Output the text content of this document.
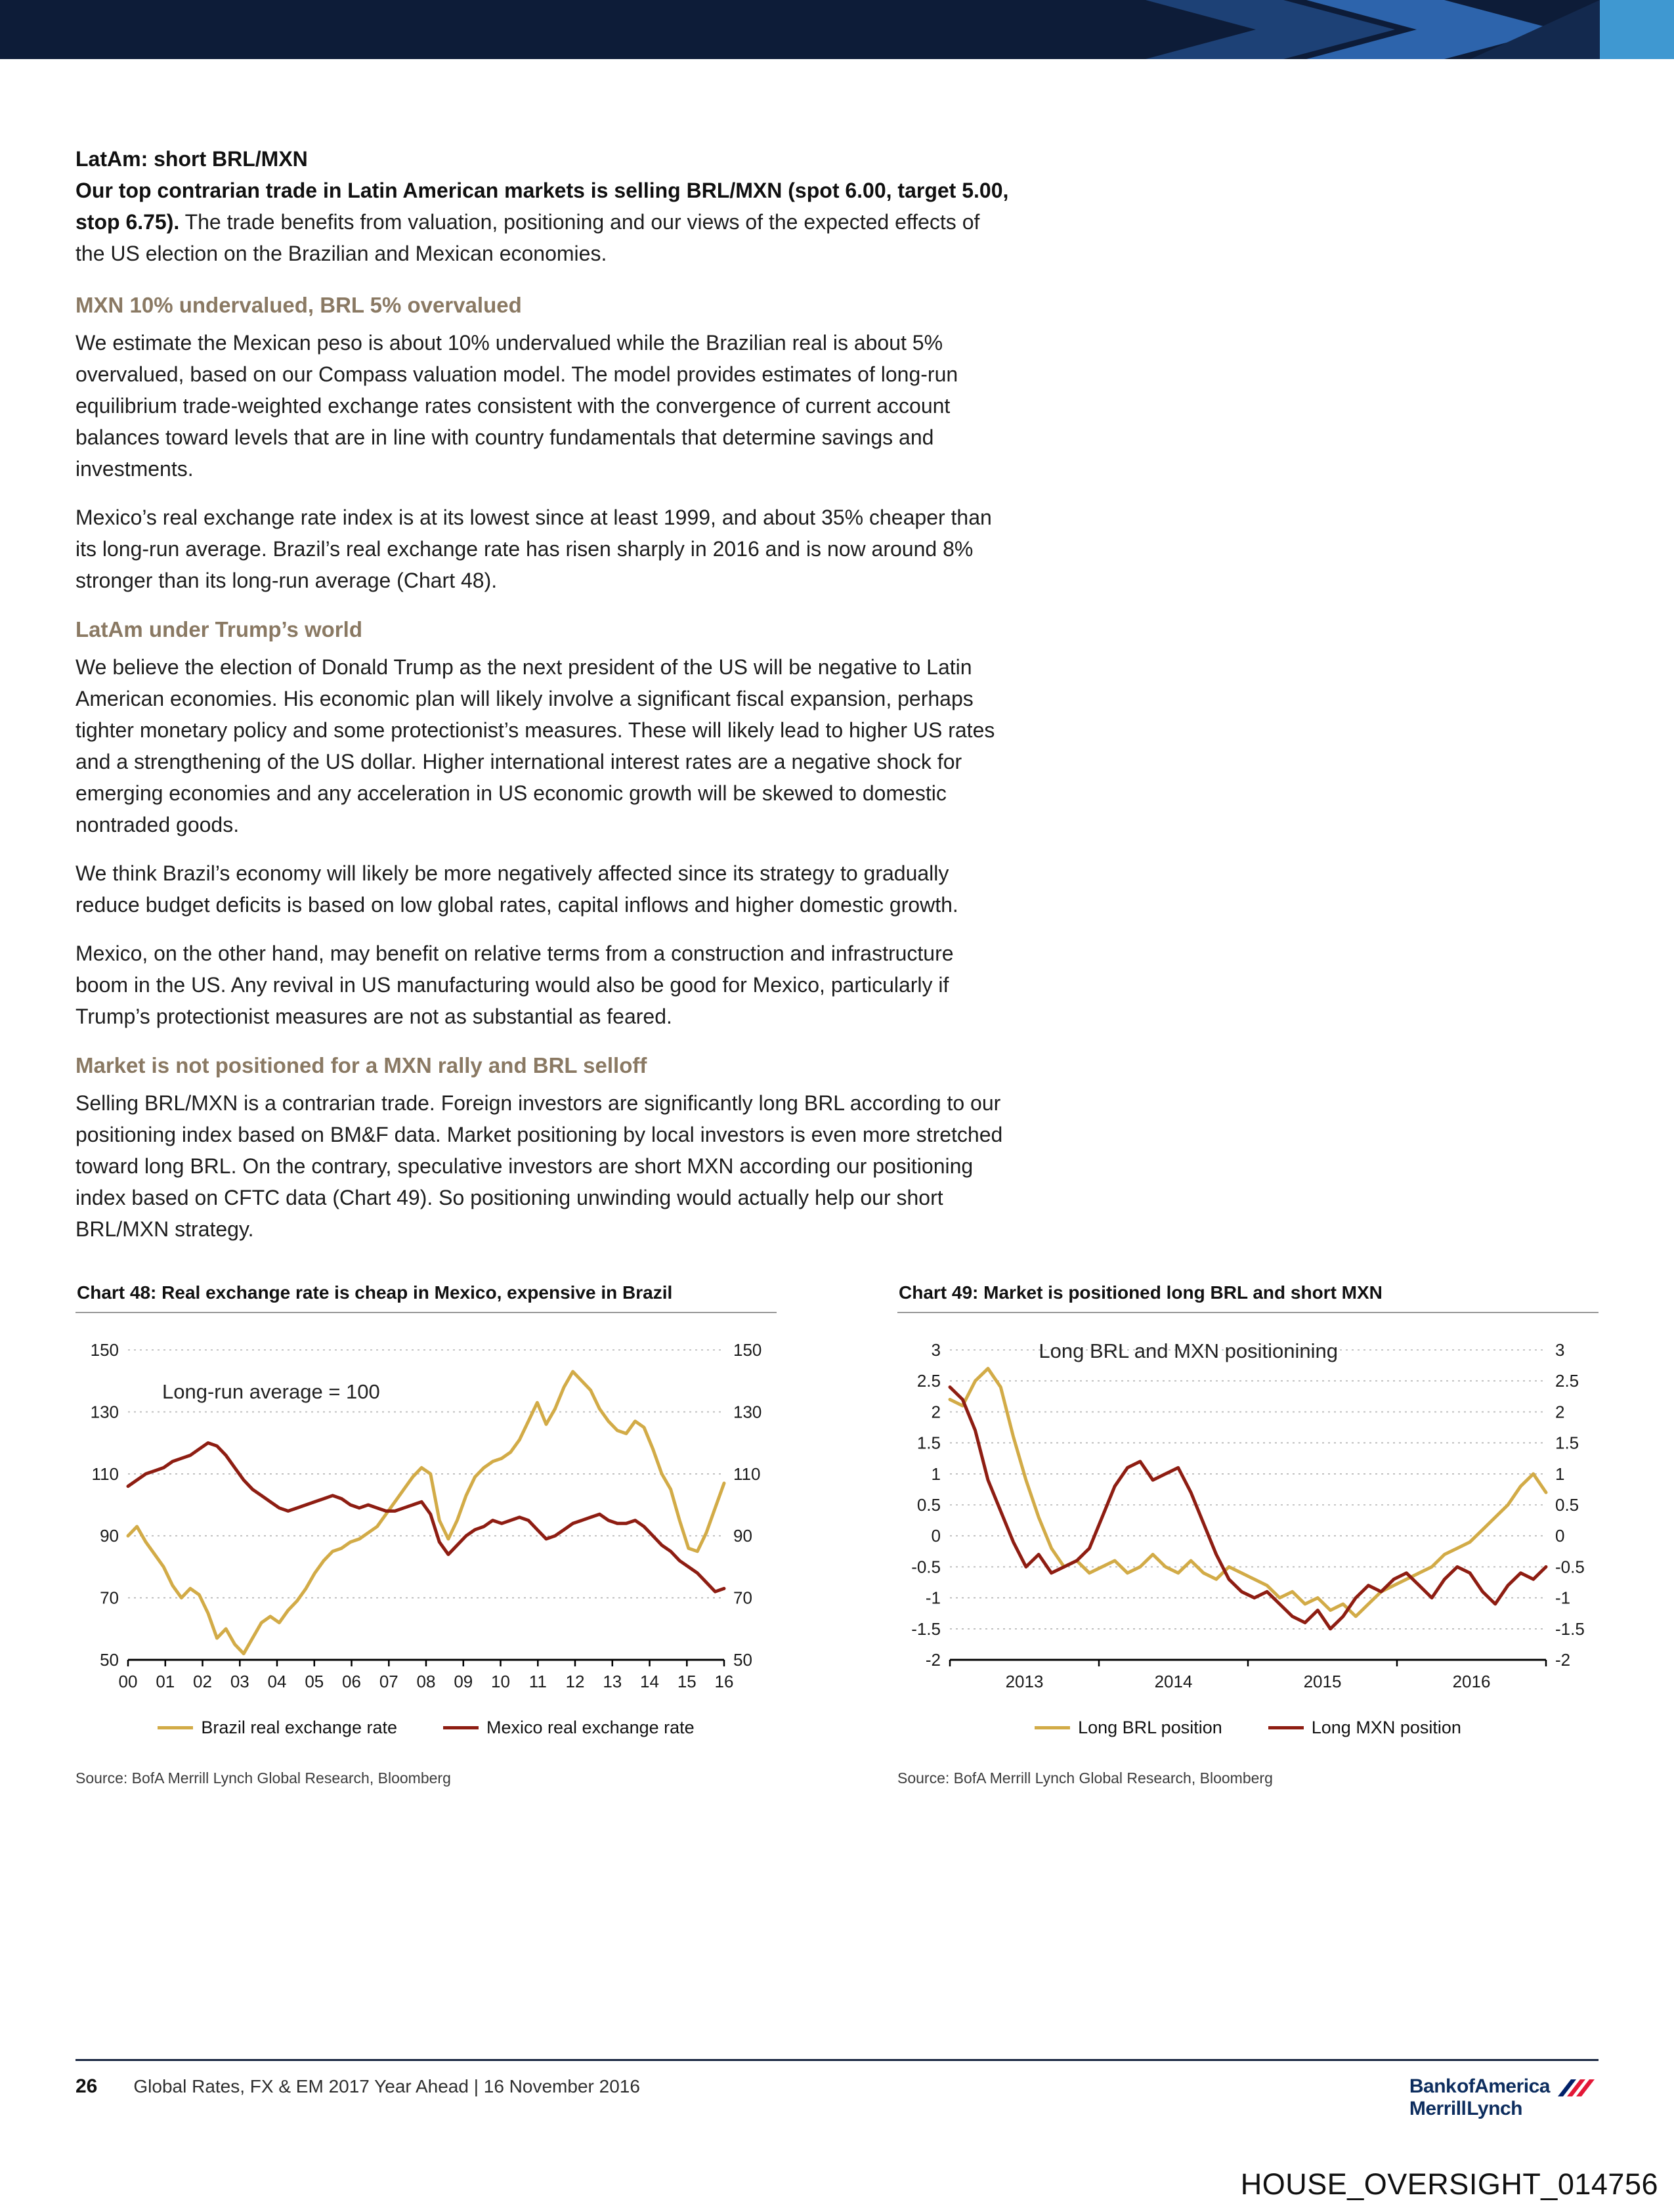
LatAm: short BRL/MXN

Our top contrarian trade in Latin American markets is selling BRL/MXN (spot 6.00, target 5.00, stop 6.75). The trade benefits from valuation, positioning and our views of the expected effects of the US election on the Brazilian and Mexican economies.

MXN 10% undervalued, BRL 5% overvalued

We estimate the Mexican peso is about 10% undervalued while the Brazilian real is about 5% overvalued, based on our Compass valuation model. The model provides estimates of long-run equilibrium trade-weighted exchange rates consistent with the convergence of current account balances toward levels that are in line with country fundamentals that determine savings and investments.

Mexico’s real exchange rate index is at its lowest since at least 1999, and about 35% cheaper than its long-run average. Brazil’s real exchange rate has risen sharply in 2016 and is now around 8% stronger than its long-run average (Chart 48).

LatAm under Trump’s world

We believe the election of Donald Trump as the next president of the US will be negative to Latin American economies. His economic plan will likely involve a significant fiscal expansion, perhaps tighter monetary policy and some protectionist’s measures. These will likely lead to higher US rates and a strengthening of the US dollar. Higher international interest rates are a negative shock for emerging economies and any acceleration in US economic growth will be skewed to domestic nontraded goods.

We think Brazil’s economy will likely be more negatively affected since its strategy to gradually reduce budget deficits is based on low global rates, capital inflows and higher domestic growth.

Mexico, on the other hand, may benefit on relative terms from a construction and infrastructure boom in the US. Any revival in US manufacturing would also be good for Mexico, particularly if Trump’s protectionist measures are not as substantial as feared.

Market is not positioned for a MXN rally and BRL selloff

Selling BRL/MXN is a contrarian trade. Foreign investors are significantly long BRL according to our positioning index based on BM&F data. Market positioning by local investors is even more stretched toward long BRL. On the contrary, speculative investors are short MXN according our positioning index based on CFTC data (Chart 49). So positioning unwinding would actually help our short BRL/MXN strategy.

Chart 48: Real exchange rate is cheap in Mexico, expensive in Brazil
150	150
130	130
110	110
90	90
70	70
50	50
00 01 02 03 04 05 06 07 08 09 10 11 12 13 14 15 16
Long-run average = 100
Brazil real exchange rate	Mexico real exchange rate
Source: BofA Merrill Lynch Global Research, Bloomberg
Chart 49: Market is positioned long BRL and short MXN
3	3
2.5	2.5
2	2
1.5	1.5
1	1
0.5	0.5
0	0
-0.5	-0.5
-1	-1
-1.5	-1.5
-2	-2
2013	2014	2015	2016
Long BRL and MXN positionining
Long BRL position	Long MXN position
Source: BofA Merrill Lynch Global Research, Bloomberg
26 Global Rates, FX & EM 2017 Year Ahead | 16 November 2016	Bank of America
Merrill Lynch
HOUSE_OVERSIGHT_014756
